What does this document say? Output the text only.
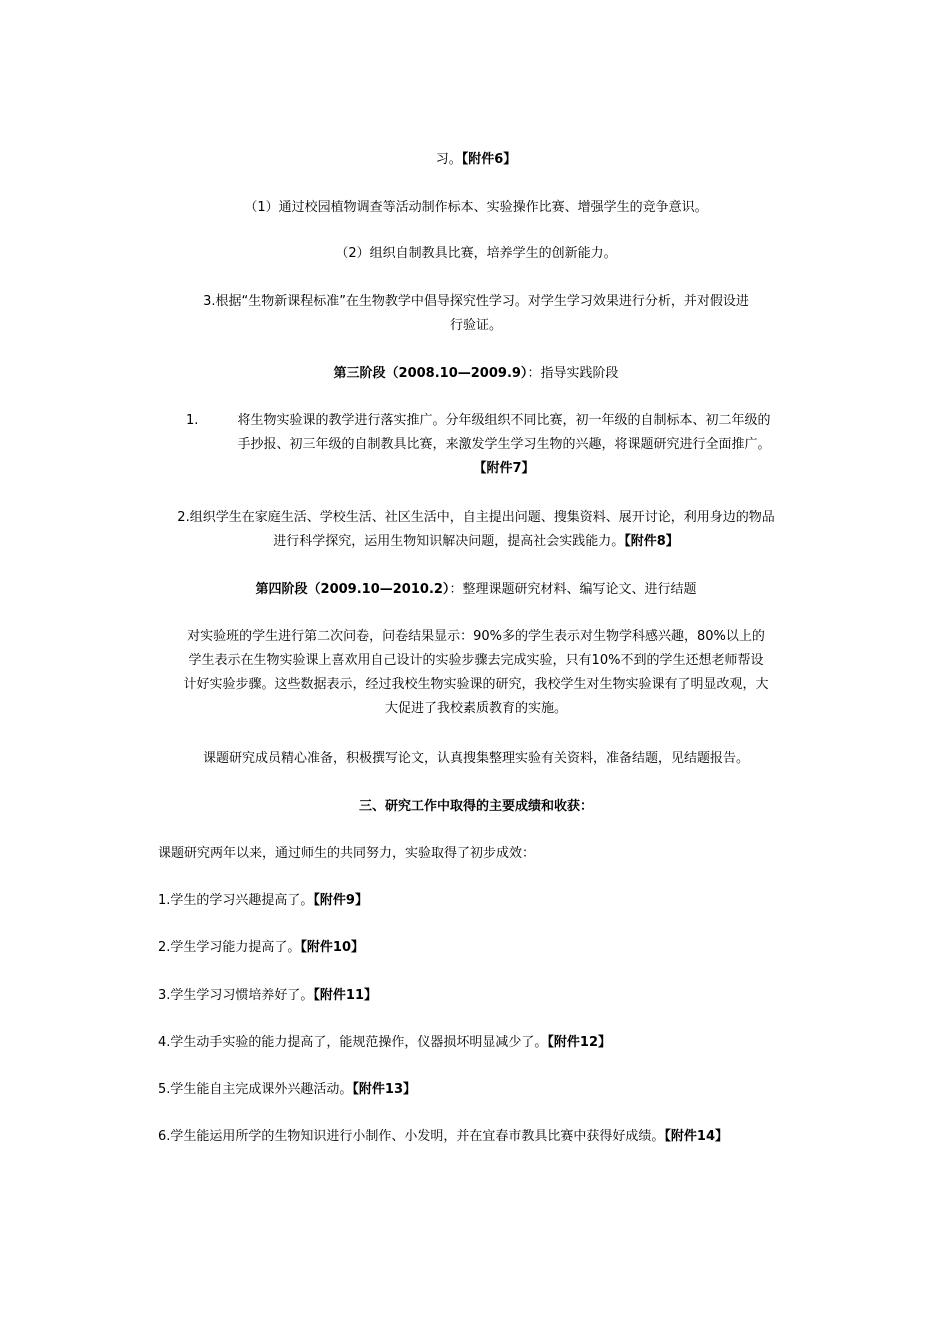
习。【附件6】

（1）通过校园植物调查等活动制作标本、实验操作比赛、增强学生的竞争意识。

（2）组织自制教具比赛，培养学生的创新能力。

3.根据“生物新课程标准”在生物教学中倡导探究性学习。对学生学习效果进行分析，并对假设进
行验证。

第三阶段（2008.10—2009.9）：指导实践阶段

1.	将生物实验课的教学进行落实推广。分年级组织不同比赛，初一年级的自制标本、初二年级的
手抄报、初三年级的自制教具比赛，来激发学生学习生物的兴趣，将课题研究进行全面推广。
【附件7】

2.组织学生在家庭生活、学校生活、社区生活中，自主提出问题、搜集资料、展开讨论，利用身边的物品
进行科学探究，运用生物知识解决问题，提高社会实践能力。【附件8】

第四阶段（2009.10—2010.2）：整理课题研究材料、编写论文、进行结题

对实验班的学生进行第二次问卷，问卷结果显示：90%多的学生表示对生物学科感兴趣，80%以上的
学生表示在生物实验课上喜欢用自己设计的实验步骤去完成实验，只有10%不到的学生还想老师帮设
计好实验步骤。这些数据表示，经过我校生物实验课的研究，我校学生对生物实验课有了明显改观，大
大促进了我校素质教育的实施。

课题研究成员精心准备，积极撰写论文，认真搜集整理实验有关资料，准备结题，见结题报告。

三、研究工作中取得的主要成绩和收获：

课题研究两年以来，通过师生的共同努力，实验取得了初步成效：

1.学生的学习兴趣提高了。【附件9】

2.学生学习能力提高了。【附件10】

3.学生学习习惯培养好了。【附件11】

4.学生动手实验的能力提高了，能规范操作，仪器损坏明显减少了。【附件12】

5.学生能自主完成课外兴趣活动。【附件13】

6.学生能运用所学的生物知识进行小制作、小发明，并在宜春市教具比赛中获得好成绩。【附件14】
